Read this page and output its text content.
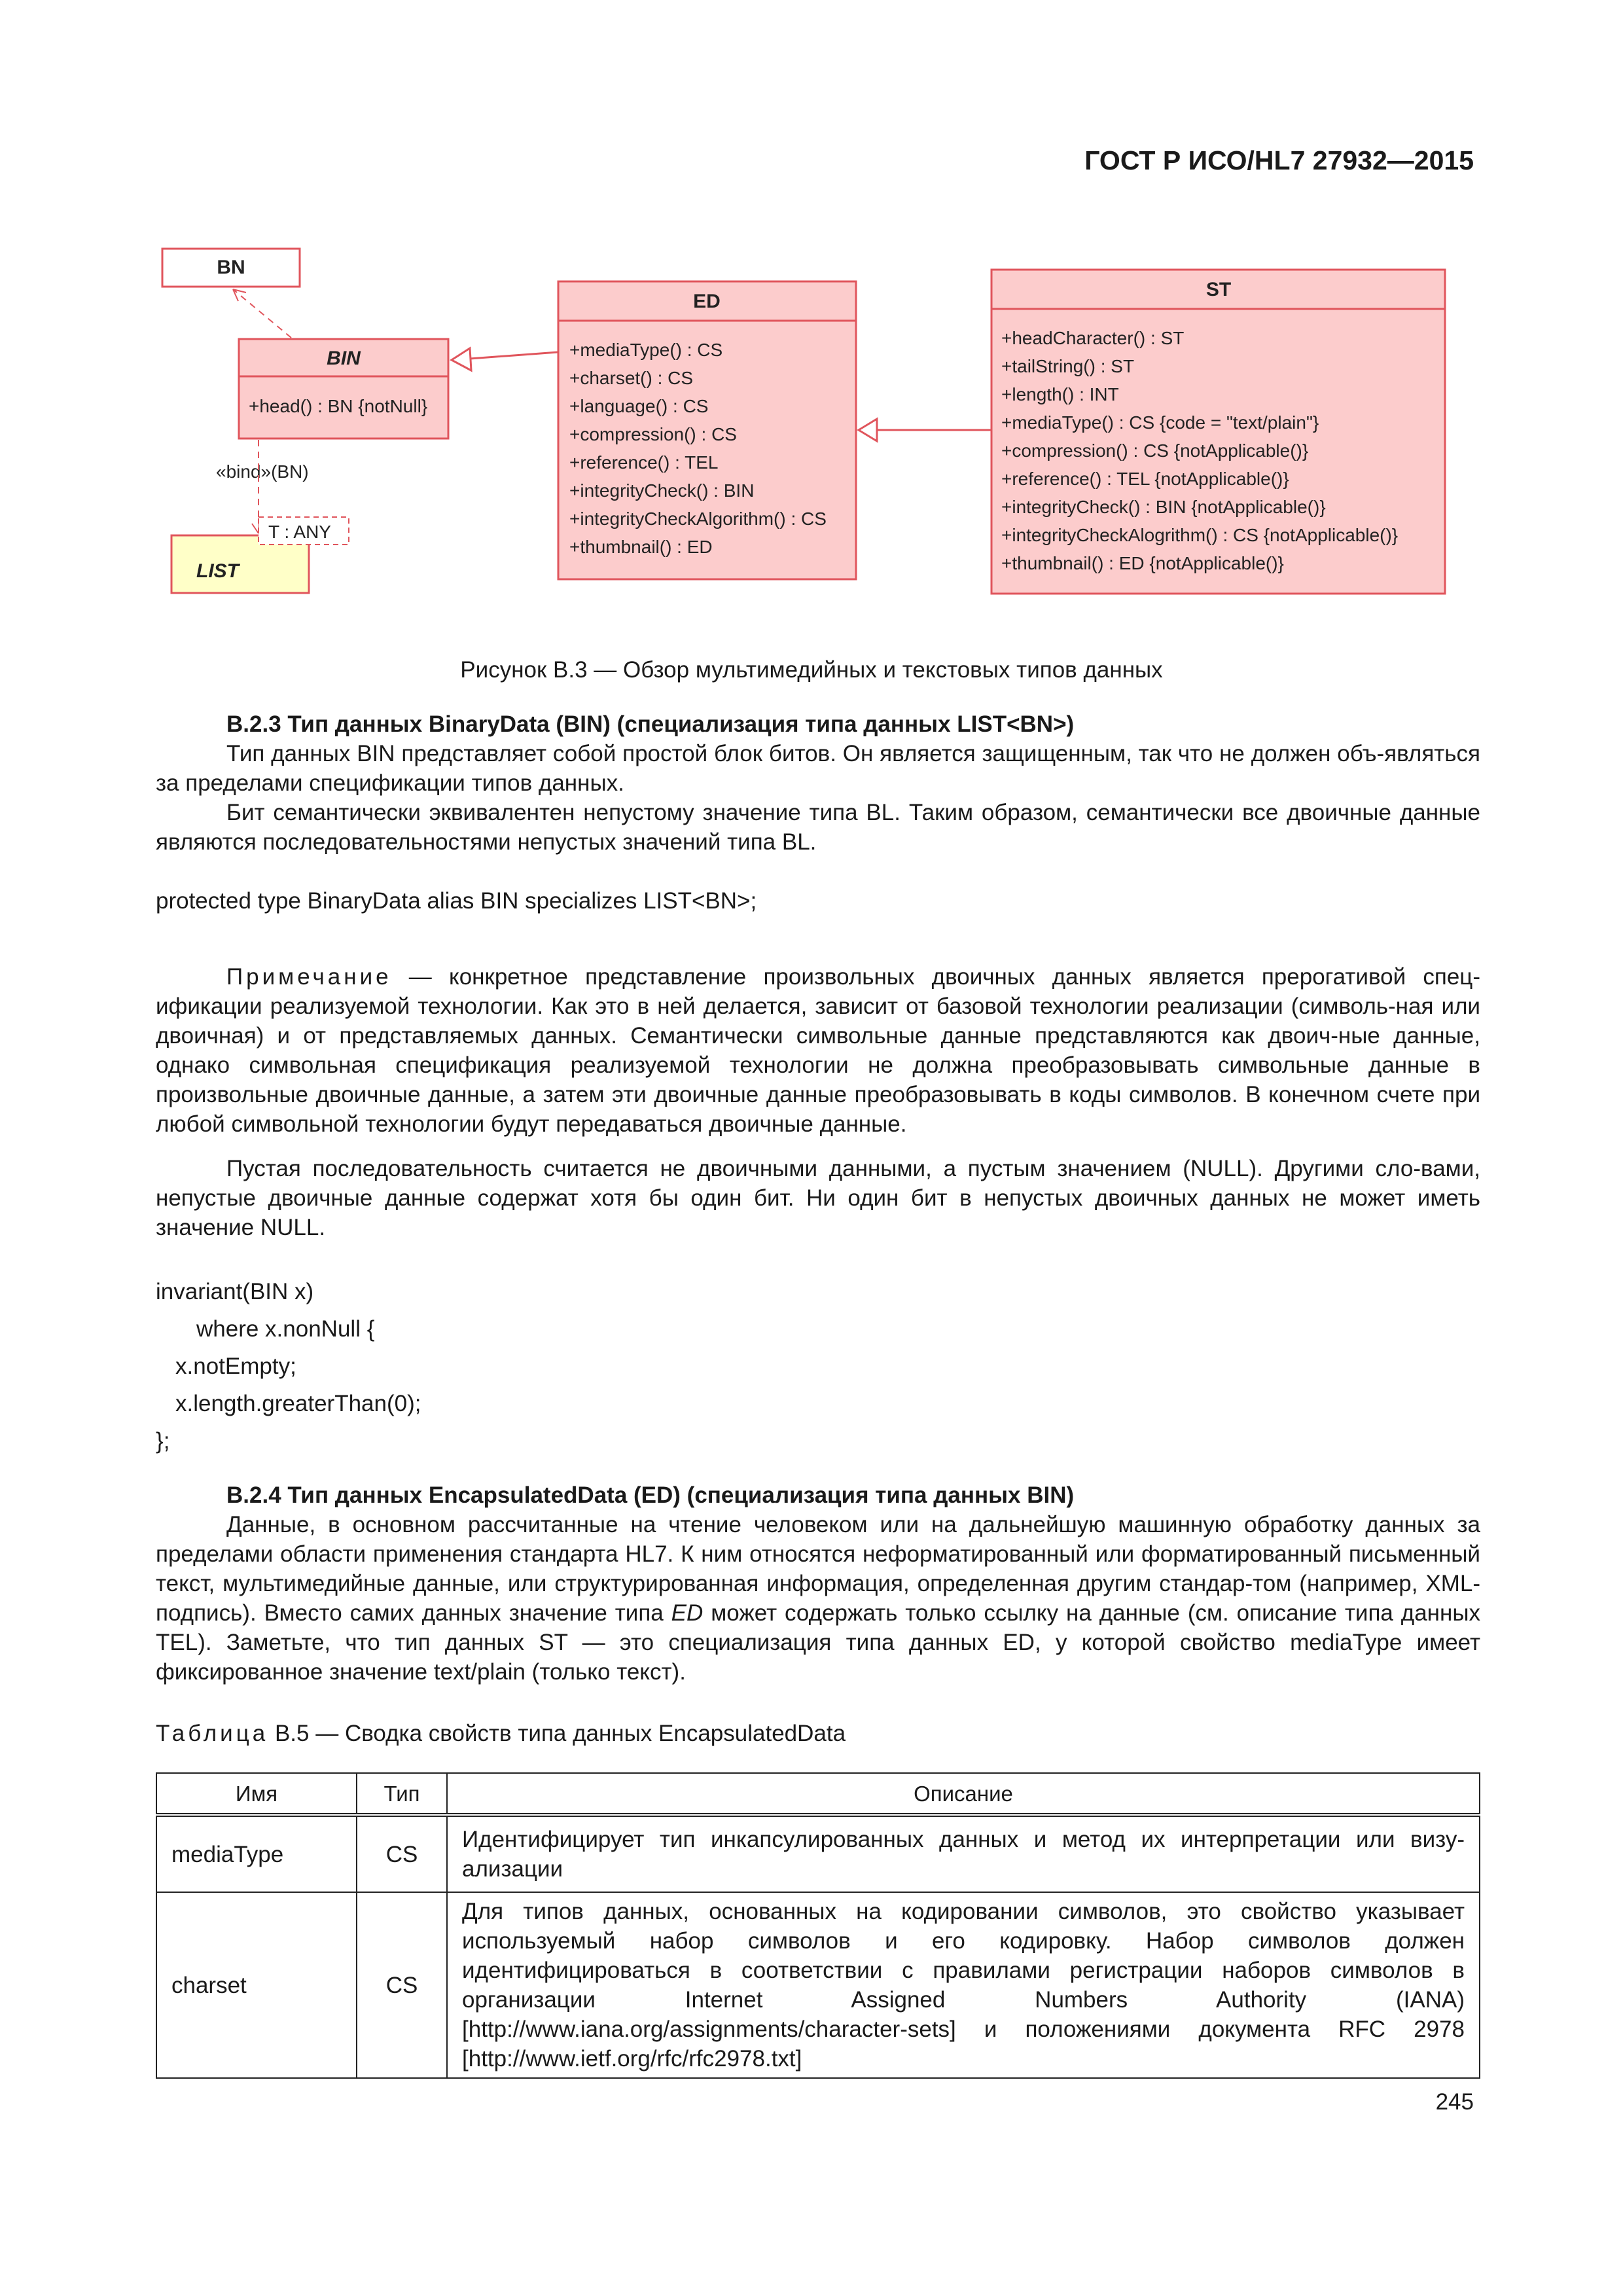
ГОСТ Р ИСО/HL7 27932—2015
BN
BIN
+head() : BN {notNull}
«bind»(BN)
LIST
T : ANY
ED
+mediaType() : CS
+charset() : CS
+language() : CS
+compression() : CS
+reference() : TEL
+integrityCheck() : BIN
+integrityCheckAlgorithm() : CS
+thumbnail() : ED
ST
+headCharacter() : ST
+tailString() : ST
+length() : INT
+mediaType() : CS {code = "text/plain"}
+compression() : CS {notApplicable()}
+reference() : TEL {notApplicable()}
+integrityCheck() : BIN {notApplicable()}
+integrityCheckAlogrithm() : CS {notApplicable()}
+thumbnail() : ED {notApplicable()}
Рисунок В.3 — Обзор мультимедийных и текстовых типов данных

В.2.3 Тип данных BinaryData (BIN) (специализация типа данных LIST<BN>)

Тип данных BIN представляет собой простой блок битов. Он является защищенным, так что не должен объ-являться за пределами спецификации типов данных.

Бит семантически эквивалентен непустому значение типа BL. Таким образом, семантически все двоичные данные являются последовательностями непустых значений типа BL.

protected type BinaryData alias BIN specializes LIST<BN>;

Примечание — конкретное представление произвольных двоичных данных является прерогативой спец-ификации реализуемой технологии. Как это в ней делается, зависит от базовой технологии реализации (символь-ная или двоичная) и от представляемых данных. Семантически символьные данные представляются как двоич-ные данные, однако символьная спецификация реализуемой технологии не должна преобразовывать символьные данные в произвольные двоичные данные, а затем эти двоичные данные преобразовывать в коды символов. В конечном счете при любой символьной технологии будут передаваться двоичные данные.

Пустая последовательность считается не двоичными данными, а пустым значением (NULL). Другими сло-вами, непустые двоичные данные содержат хотя бы один бит. Ни один бит в непустых двоичных данных не может иметь значение NULL.

invariant(BIN x)

where x.nonNull {

x.notEmpty;

x.length.greaterThan(0);

};

В.2.4 Тип данных EncapsulatedData (ED) (специализация типа данных BIN)

Данные, в основном рассчитанные на чтение человеком или на дальнейшую машинную обработку данных за пределами области применения стандарта HL7. К ним относятся неформатированный или форматированный письменный текст, мультимедийные данные, или структурированная информация, определенная другим стандар-том (например, XML-подпись). Вместо самих данных значение типа ED может содержать только ссылку на данные (см. описание типа данных TEL). Заметьте, что тип данных ST — это специализация типа данных ED, у которой свойство mediaType имеет фиксированное значение text/plain (только текст).

Таблица В.5 — Сводка свойств типа данных EncapsulatedData

Имя	Тип	Описание
mediaType	CS	Идентифицирует тип инкапсулированных данных и метод их интерпретации или визу-ализации
charset	CS	Для типов данных, основанных на кодировании символов, это свойство указывает используемый набор символов и его кодировку. Набор символов должен идентифицироваться в соответствии с правилами регистрации наборов символов в организации Internet Assigned Numbers Authority (IANA) [http://www.iana.org/assignments/character-sets] и положениями документа RFC 2978 [http://www.ietf.org/rfc/rfc2978.txt]
245
